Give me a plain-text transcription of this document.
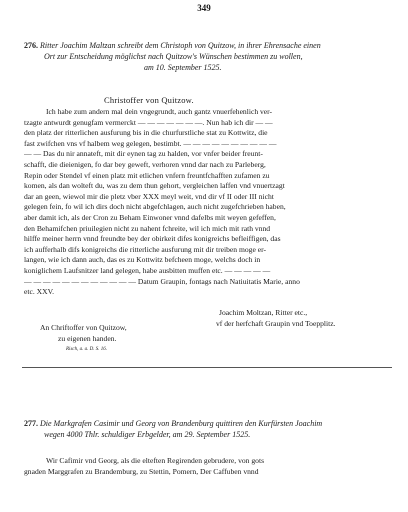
349
276. Ritter Joachim Maltzan schreibt dem Christoph von Quitzow, in ihrer Ehrensache einen
Ort zur Entscheidung möglichst nach Quitzow's Wünschen bestimmen zu wollen,
am 10. September 1525.
Christoffer von Quitzow.
Ich habe zum andern mal dein vngegrundt, auch gantz vnuerfehenlich ver-
tzagte antwurdt genugfam vermerckt — — — — — — —. Nun hab ich dir — —
den platz der ritterlichen ausfurung bis in die churfurstliche stat zu Kottwitz, die
fast zwifchen vns vf halbem weg gelegen, bestimbt. — — — — — — — — — —
— — Das du nir annateft, mit dir eynen tag zu halden, vor vnfer beider freunt-
schafft, die dieienigen, fo dar bey geweft, verhoren vnnd dar nach zu Parleberg,
Repin oder Stendel vf einen platz mit etlichen vnfern freuntfchafften zufamen zu
komen, als dan wolteft du, was zu dem thun gehort, vergleichen laffen vnd vnuertzagt
dar an geen, wiewol mir die pletz vber XXX meyl weit, vnd dir vf II oder III nicht
gelegen fein, fo wil ich dirs doch nicht abgefchlagen, auch nicht zugefchrieben haben,
aber damit ich, als der Cron zu Beham Einwoner vnnd dafelbs mit weyen gefeffen,
den Behamifchen priuilegien nicht zu nahent fchreite, wil ich mich mit rath vnnd
hilffe meiner herrn vnnd freundte bey der obirkeit difes konigreichs befleiffigen, das
ich aufferhalb difs konigreichs die ritterliche ausfurung mit dir treiben moge er-
langen, wie ich dann auch, das es zu Kottwitz befcheen moge, welchs doch in
koniglichem Laufsnitzer land gelegen, habe ausbitten muffen etc. — — — — —
— — — — — — — — — — — — Datum Graupin, fontags nach Natiuitatis Marie, anno
etc. XXV.
Joachim Moltzan, Ritter etc.,
vf der herfchaft Graupin vnd Toepplitz.
An Chriftoffer von Quitzow,
zu eigenen handen.
Risch, a. a. D. S. 16.
277. Die Markgrafen Casimir und Georg von Brandenburg quittiren den Kurfürsten Joachim
wegen 4000 Thlr. schuldiger Erbgelder, am 29. September 1525.
Wir Cafimir vnd Georg, als die elteften Regirenden gebrudere, von gots
gnaden Marggrafen zu Brandemburg, zu Stettin, Pomern, Der Caffuben vnnd
